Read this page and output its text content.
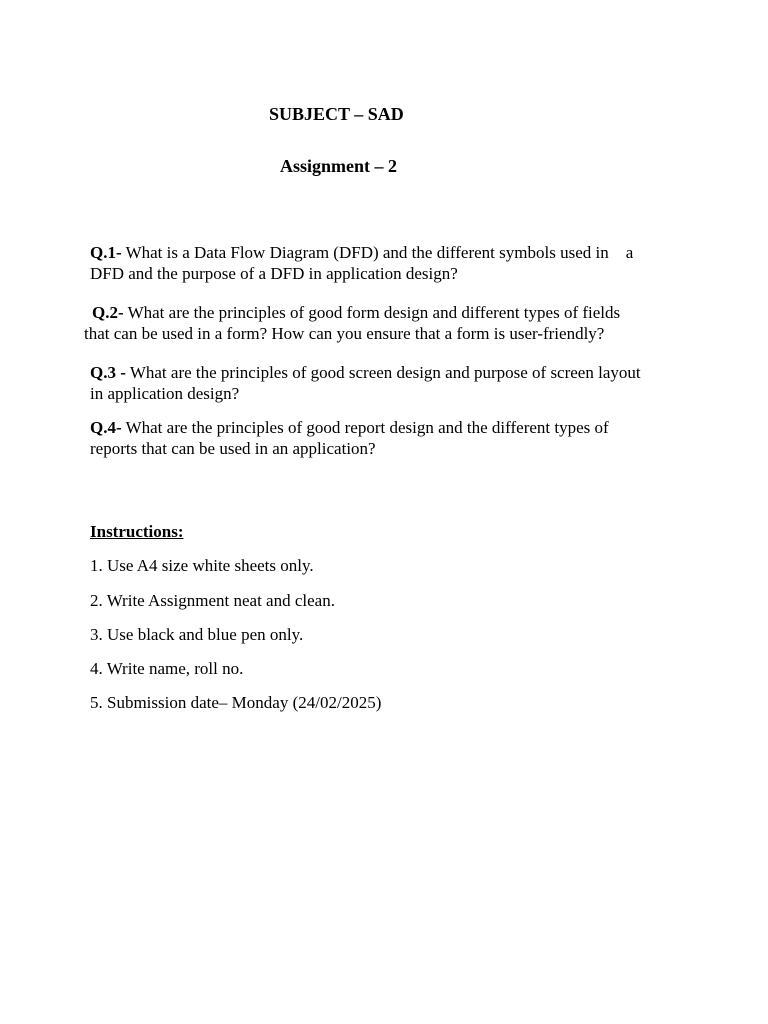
SUBJECT – SAD
Assignment – 2
Q.1- What is a Data Flow Diagram (DFD) and the different symbols used in    a
DFD and the purpose of a DFD in application design?
Q.2- What are the principles of good form design and different types of fields
that can be used in a form? How can you ensure that a form is user-friendly?
Q.3 - What are the principles of good screen design and purpose of screen layout
in application design?
Q.4- What are the principles of good report design and the different types of
reports that can be used in an application?
Instructions:
1. Use A4 size white sheets only.
2. Write Assignment neat and clean.
3. Use black and blue pen only.
4. Write name, roll no.
5. Submission date– Monday (24/02/2025)
